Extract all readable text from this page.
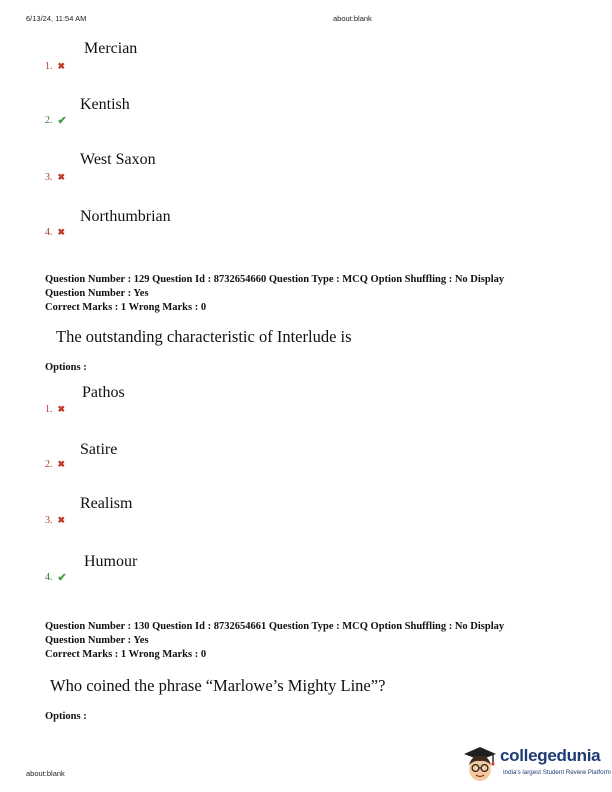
6/13/24, 11:54 AM	about:blank
Mercian
1. ✖
Kentish
2. ✔
West Saxon
3. ✖
Northumbrian
4. ✖
Question Number : 129 Question Id : 8732654660 Question Type : MCQ Option Shuffling : No Display
Question Number : Yes
Correct Marks : 1 Wrong Marks : 0
The outstanding characteristic of Interlude is
Options :
Pathos
1. ✖
Satire
2. ✖
Realism
3. ✖
Humour
4. ✔
Question Number : 130 Question Id : 8732654661 Question Type : MCQ Option Shuffling : No Display
Question Number : Yes
Correct Marks : 1 Wrong Marks : 0
Who coined the phrase “Marlowe’s Mighty Line”?
Options :
about:blank
collegedunia
India's largest Student Review Platform
